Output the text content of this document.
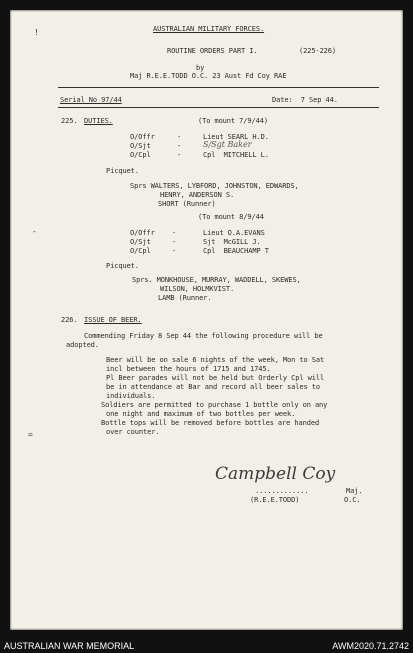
!	AUSTRALIAN MILITARY FORCES.
ROUTINE ORDERS PART I.	(225-226)
by
Maj R.E.E.TODD O.C. 23 Aust Fd Coy RAE
Serial No 97/44	Date:  7 Sep 44.
225. DUTIES.	(To mount 7/9/44)
O/Offr	-	Lieut SEARL H.D.
O/Sjt	-	S/Sgt Baker
O/Cpl	-	Cpl  MITCHELL L.
Picquet.
Sprs WALTERS, LYBFORD, JOHNSTON, EDWARDS,
HENRY, ANDERSON S.
SHORT (Runner)
(To mount 8/9/44
O/Offr -	Lieut O.A.EVANS
O/Sjt	-	Sjt  McGILL J.
O/Cpl	-	Cpl  BEAUCHAMP T
Picquet.
Sprs. MONKHOUSE, MURRAY, WADDELL, SKEWES,
WILSON, HOLMKVIST.
LAMB (Runner.
226. ISSUE OF BEER.
Commending Friday 8 Sep 44 the following procedure will be
adopted.
Beer will be on sale 6 nights of the week, Mon to Sat
incl between the hours of 1715 and 1745.
Pl Beer parades will not be held but Orderly Cpl will
be in attendance at Bar and record all beer sales to
individuals.
Soldiers are permitted to purchase 1 bottle only on any
one night and maximum of two bottles per week.
Bottle tops will be removed before bottles are handed
over counter.
Campbell Coy
.............	Maj.
(R.E.E.TODD)	O.C.
-
=
AUSTRALIAN WAR MEMORIAL	AWM2020.71.2742
